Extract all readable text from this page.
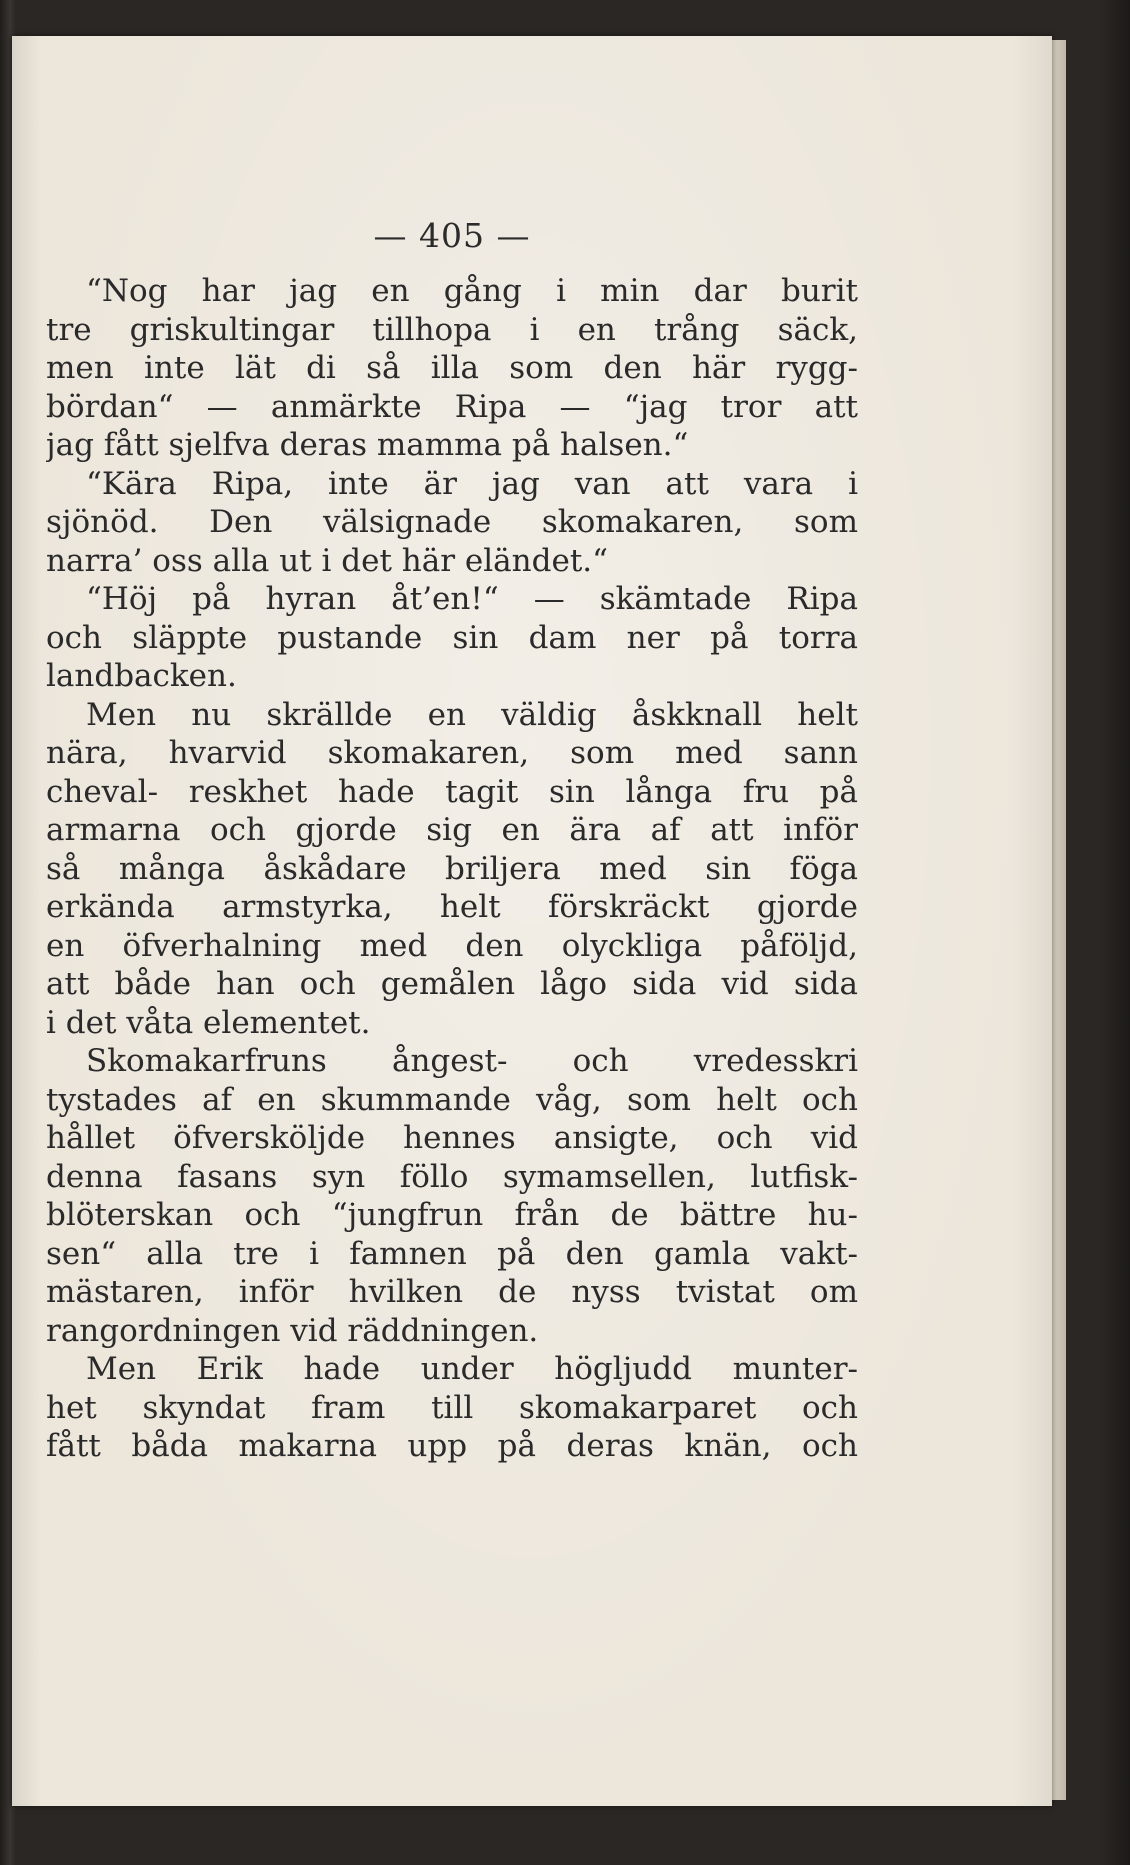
— 405 —
“Nog har jag en gång i min dar burit
tre griskultingar tillhopa i en trång säck,
men inte lät di så illa som den här rygg-
bördan“ — anmärkte Ripa — “jag tror att
jag fått sjelfva deras mamma på halsen.“
“Kära Ripa, inte är jag van att vara i
sjönöd. Den välsignade skomakaren, som
narra’ oss alla ut i det här eländet.“
“Höj på hyran åt’en!“ — skämtade Ripa
och släppte pustande sin dam ner på torra
landbacken.
Men nu skrällde en väldig åskknall helt
nära, hvarvid skomakaren, som med sann
cheval- reskhet hade tagit sin långa fru på
armarna och gjorde sig en ära af att inför
så många åskådare briljera med sin föga
erkända armstyrka, helt förskräckt gjorde
en öfverhalning med den olyckliga påföljd,
att både han och gemålen lågo sida vid sida
i det våta elementet.
Skomakarfruns ångest- och vredesskri
tystades af en skummande våg, som helt och
hållet öfversköljde hennes ansigte, och vid
denna fasans syn föllo symamsellen, lutfisk-
blöterskan och “jungfrun från de bättre hu-
sen“ alla tre i famnen på den gamla vakt-
mästaren, inför hvilken de nyss tvistat om
rangordningen vid räddningen.
Men Erik hade under högljudd munter-
het skyndat fram till skomakarparet och
fått båda makarna upp på deras knän, och
